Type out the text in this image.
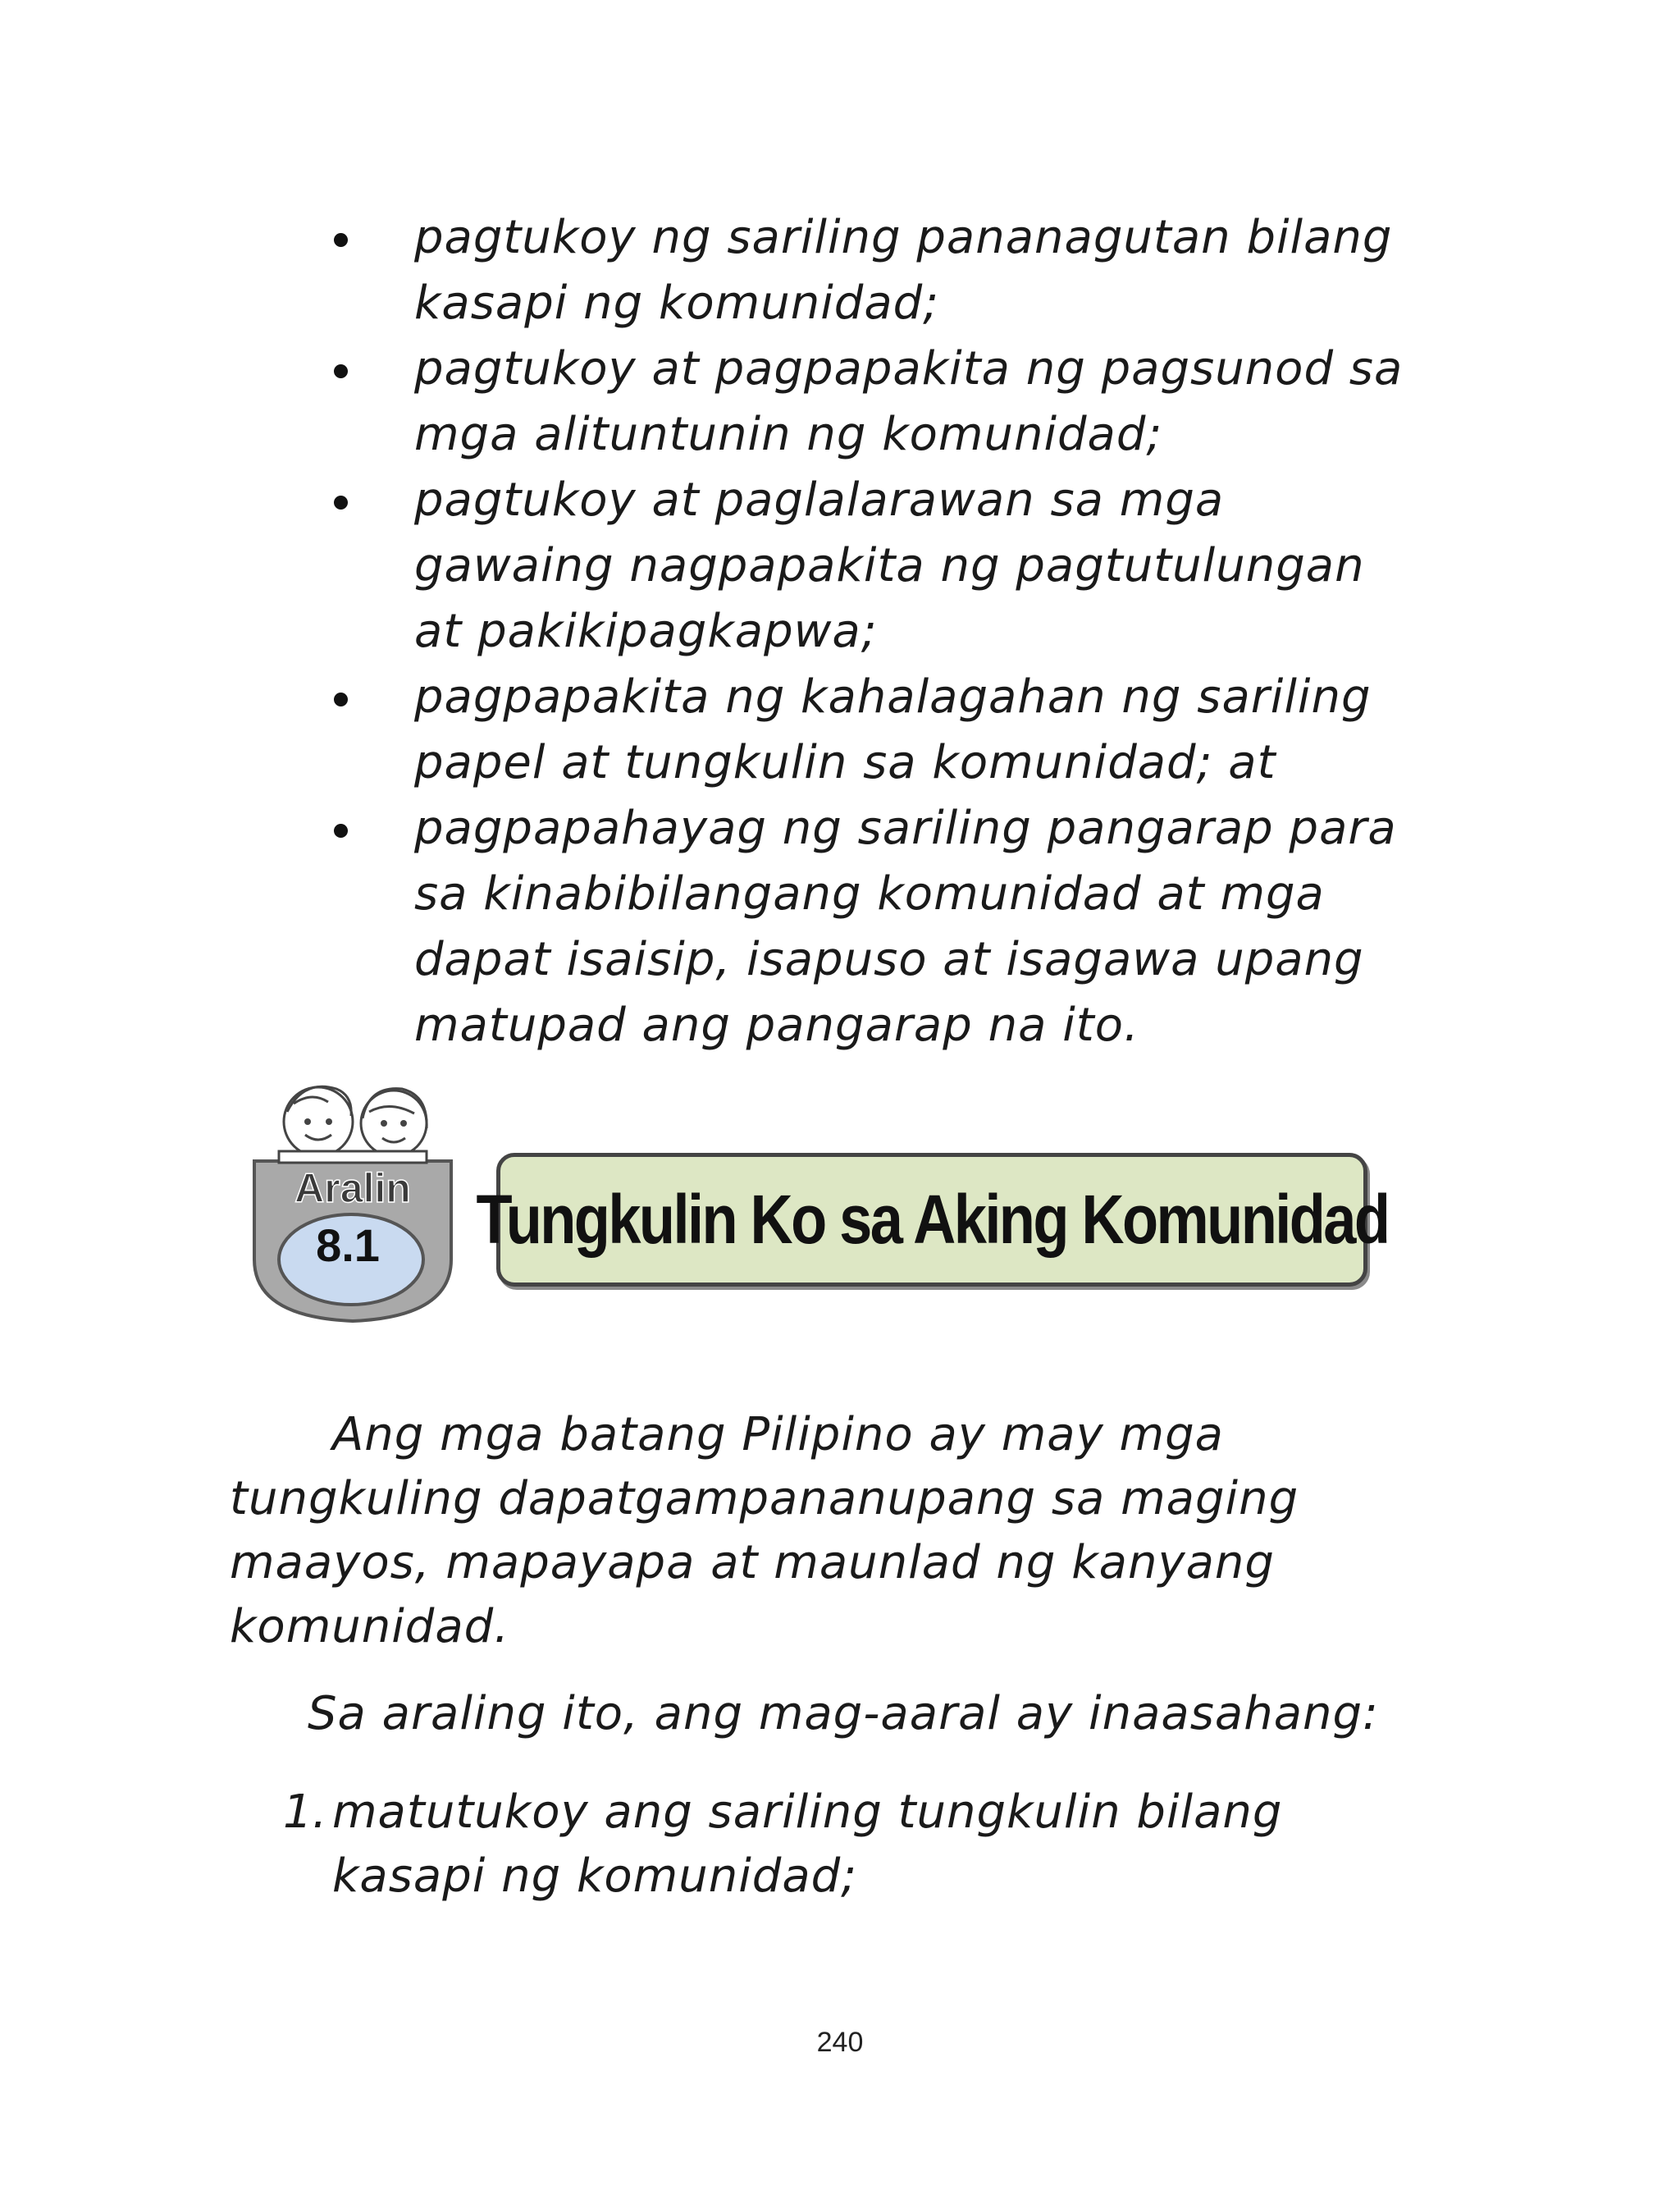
pagtukoy ng sariling pananagutan bilang kasapi ng komunidad;
pagtukoy at pagpapakita ng pagsunod sa mga alituntunin ng komunidad;
pagtukoy at paglalarawan sa mga gawaing nagpapakita ng pagtutulungan at pakikipagkapwa;
pagpapakita ng kahalagahan ng sariling papel at tungkulin sa komunidad; at
pagpapahayag ng sariling pangarap para sa kinabibilangang komunidad at mga dapat isaisip, isapuso at isagawa upang matupad ang pangarap na ito.
Aralin
8.1 Tungkulin Ko sa Aking Komunidad

Ang mga batang Pilipino ay may mga tungkuling dapatgampananupang sa maging maayos, mapayapa at maunlad ng kanyang komunidad.

Sa araling ito, ang mag-aaral ay inaasahang:

1. matutukoy ang sariling tungkulin bilang kasapi ng komunidad;
240
